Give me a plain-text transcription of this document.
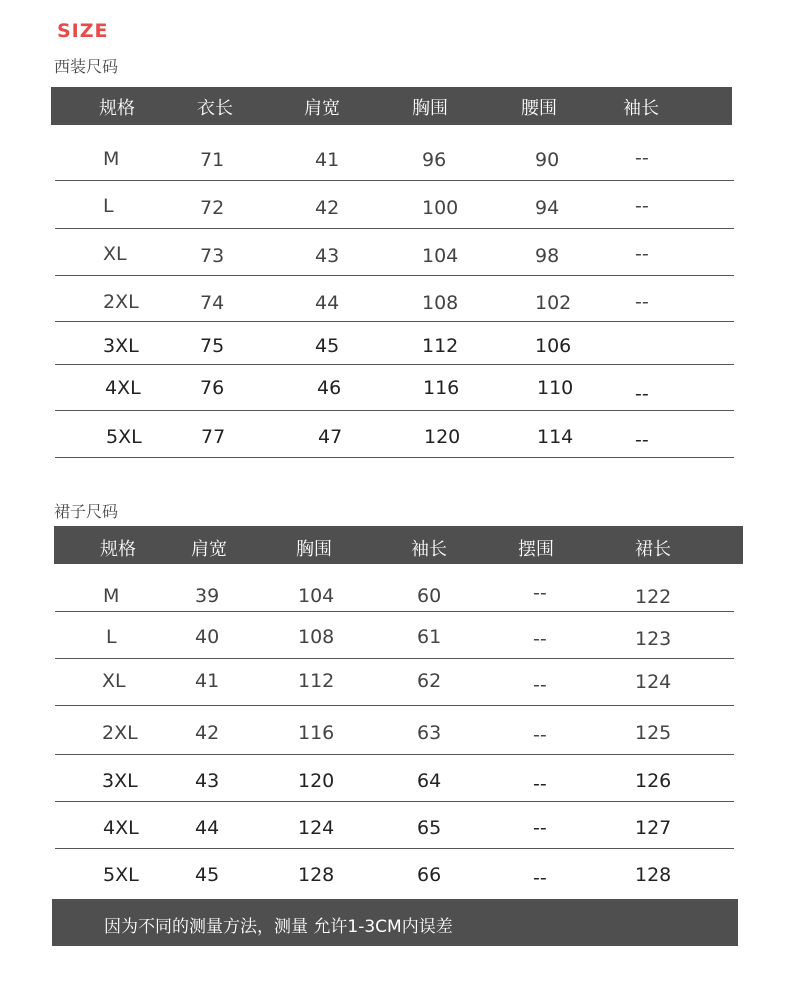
SIZE
西装尺码
规格	衣长	肩宽	胸围	腰围	袖长
M	71	41	96	90	--
L	72	42	100	94	--
XL	73	43	104	98	--
2XL	74	44	108	102	--
3XL	75	45	112	106
4XL	76	46	116	110	--
5XL	77	47	120	114	--
裙子尺码
规格	肩宽	胸围	袖长	摆围	裙长
M	39	104	60	--	122
L	40	108	61	--	123
XL	41	112	62	--	124
2XL	42	116	63	--	125
3XL	43	120	64	--	126
4XL	44	124	65	--	127
5XL	45	128	66	--	128
因为不同的测量方法，测量 允许1-3CM内误差
